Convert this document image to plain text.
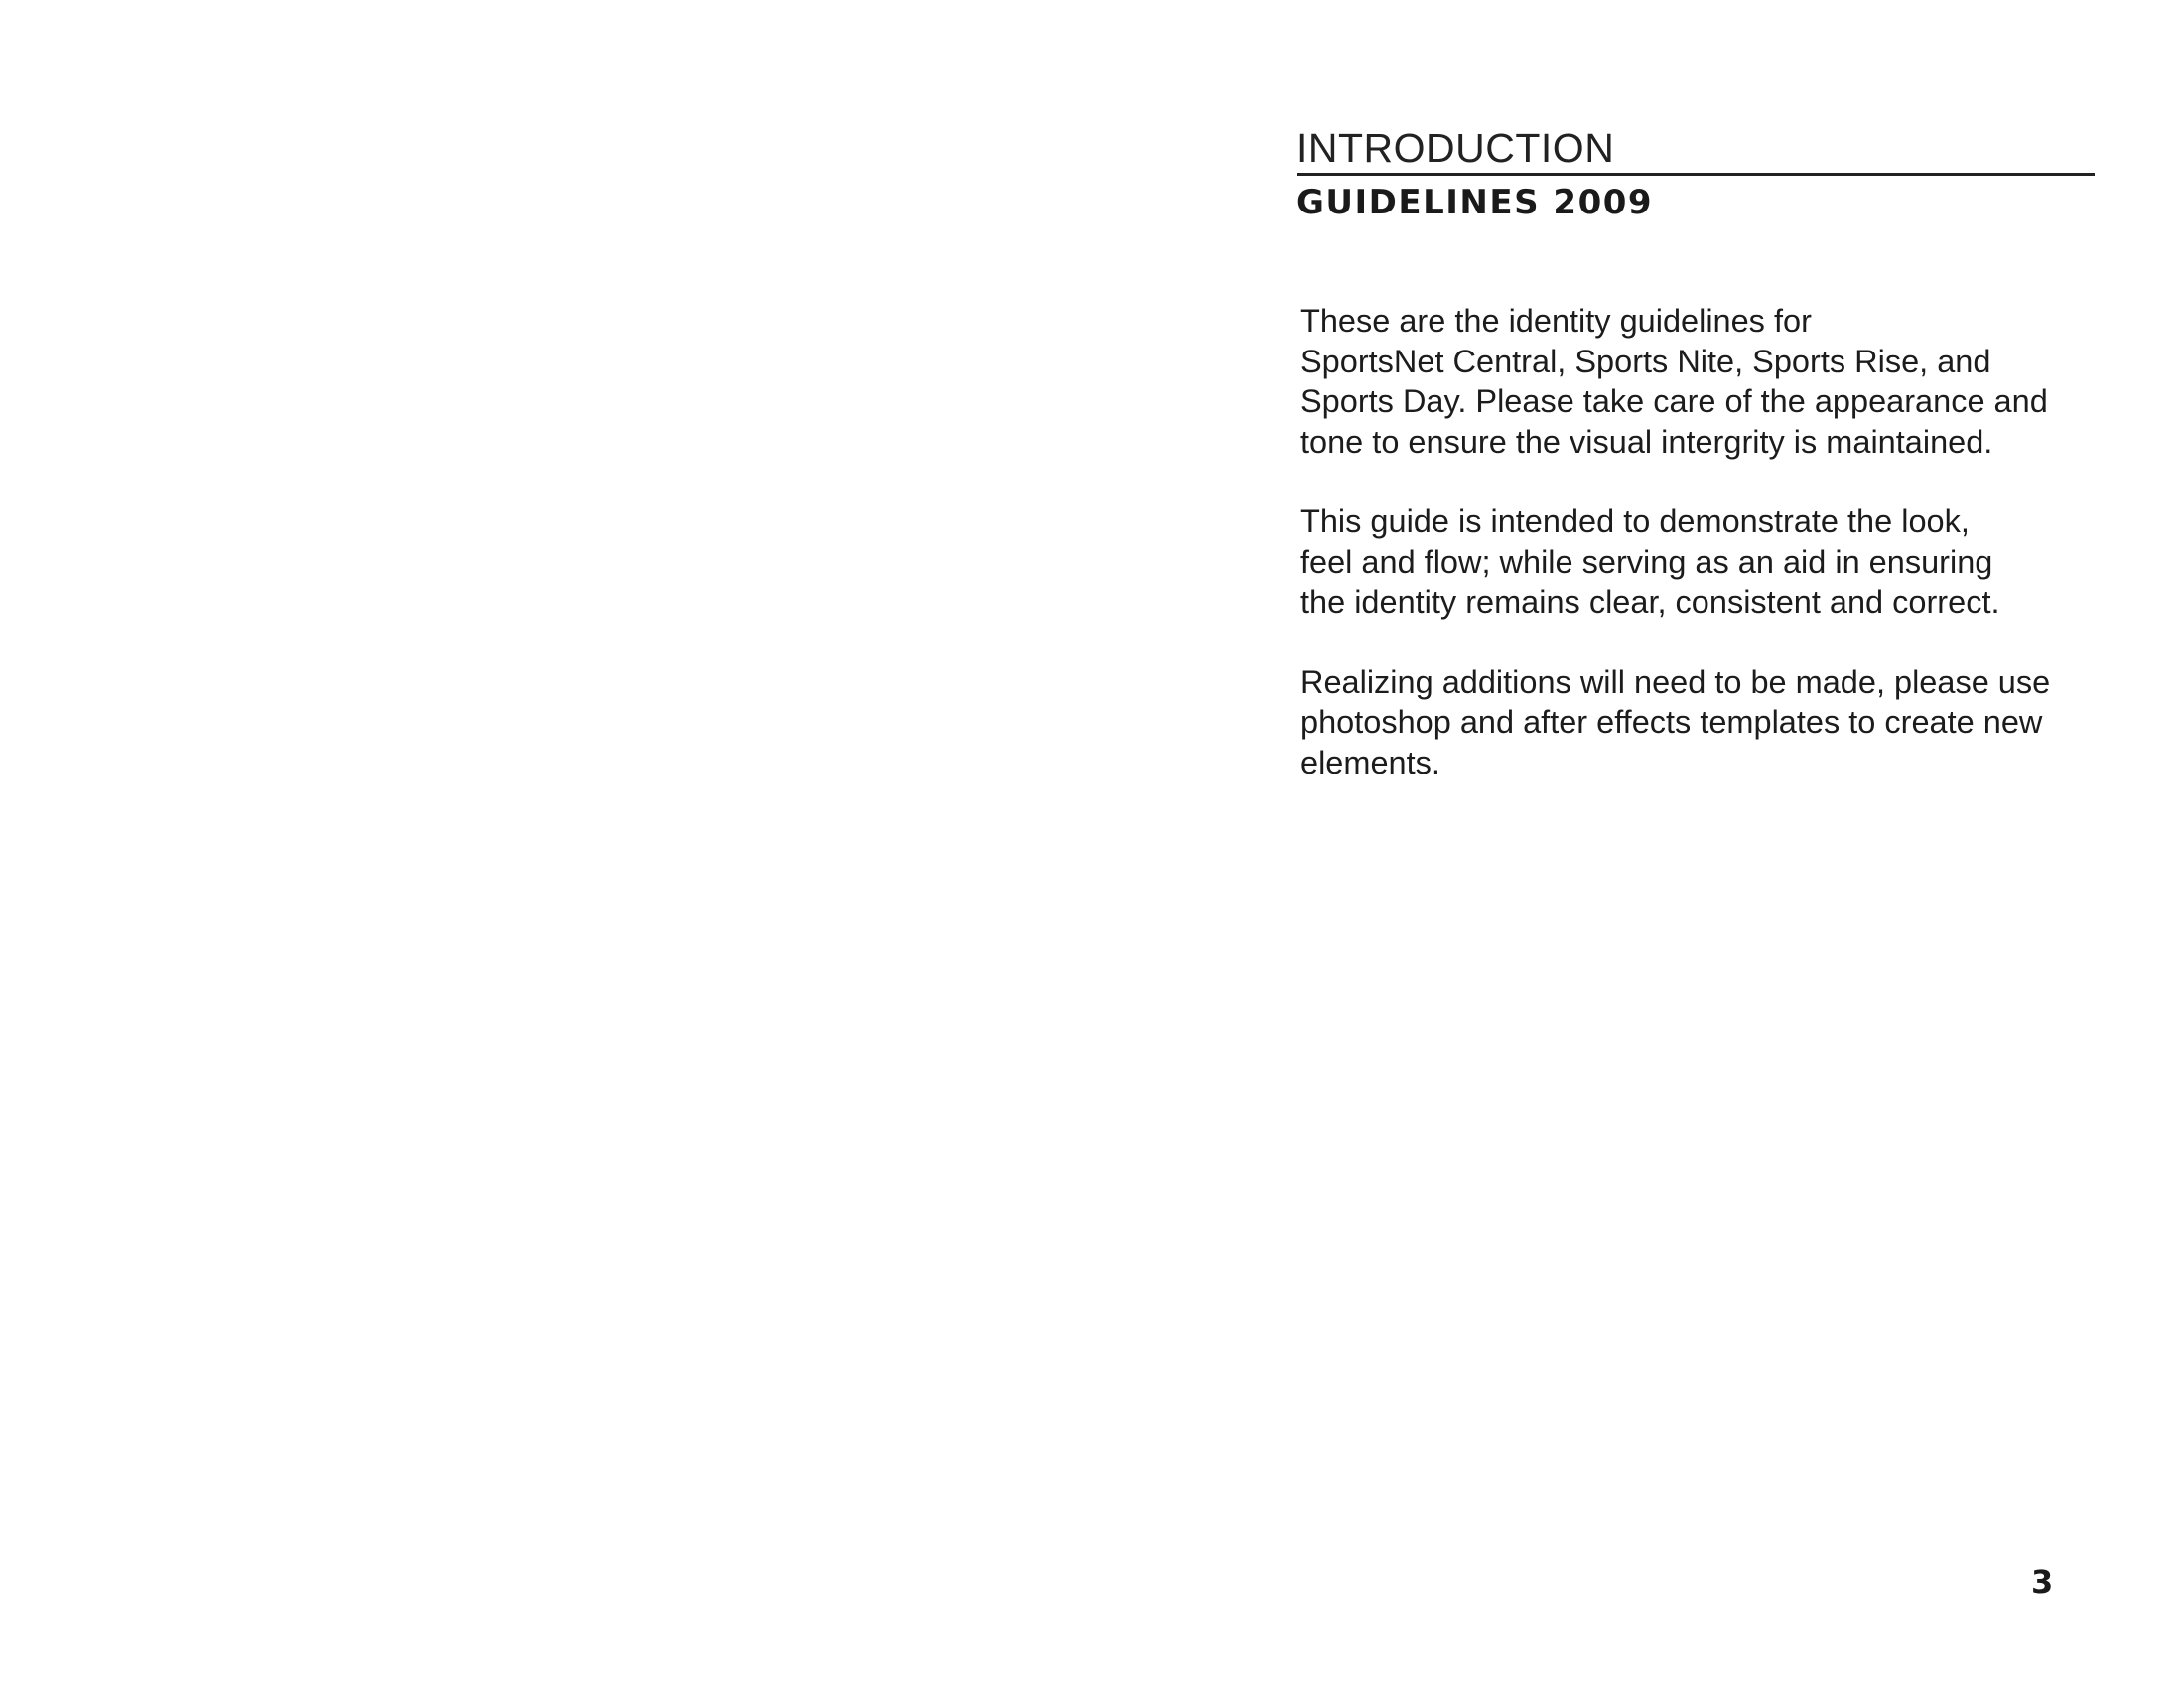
INTRODUCTION
GUIDELINES 2009

These are the identity guidelines for
SportsNet Central, Sports Nite, Sports Rise, and
Sports Day. Please take care of the appearance and
tone to ensure the visual intergrity is maintained.

This guide is intended to demonstrate the look,
feel and flow; while serving as an aid in ensuring
the identity remains clear, consistent and correct.

Realizing additions will need to be made, please use
photoshop and after effects templates to create new
elements.

3
